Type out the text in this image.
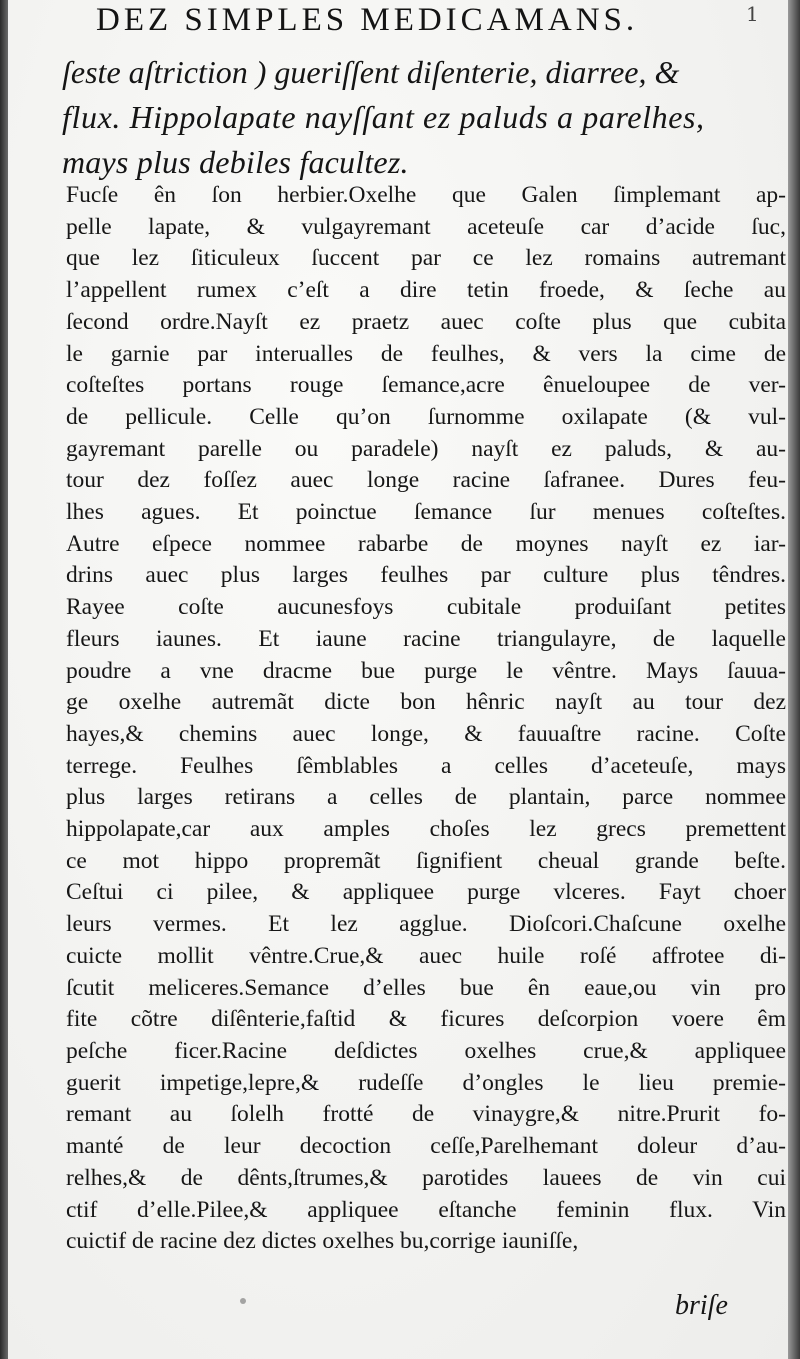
DEZ SIMPLES MEDICAMANS.	1
ſeste aſtriction ) gueriſſent diſenterie, diarree, &
flux. Hippolapate nayſſant ez paluds a parelhes,
mays plus debiles facultez.
Fucſe ên ſon herbier.Oxelhe que Galen ſimplemant ap-
pelle lapate, & vulgayremant aceteuſe car d’acide ſuc,
que lez ſiticuleux ſuccent par ce lez romains autremant
l’appellent rumex c’eſt a dire tetin froede, & ſeche au
ſecond ordre.Nayſt ez praetz auec coſte plus que cubita
le garnie par interualles de feulhes, & vers la cime de
coſteſtes portans rouge ſemance,acre ênueloupee de ver-
de pellicule. Celle qu’on ſurnomme oxilapate (& vul-
gayremant parelle ou paradele) nayſt ez paluds, & au-
tour dez foſſez auec longe racine ſafranee. Dures feu-
lhes agues. Et poinctue ſemance ſur menues coſteſtes.
Autre eſpece nommee rabarbe de moynes nayſt ez iar-
drins auec plus larges feulhes par culture plus têndres.
Rayee coſte aucunesfoys cubitale produiſant petites
fleurs iaunes. Et iaune racine triangulayre, de laquelle
poudre a vne dracme bue purge le vêntre. Mays ſauua-
ge oxelhe autremãt dicte bon hênric nayſt au tour dez
hayes,& chemins auec longe, & fauuaſtre racine. Coſte
terrege. Feulhes ſêmblables a celles d’aceteuſe, mays
plus larges retirans a celles de plantain, parce nommee
hippolapate,car aux amples choſes lez grecs premettent
ce mot hippo propremãt ſignifient cheual grande beſte.
Ceſtui ci pilee, & appliquee purge vlceres. Fayt choer
leurs vermes. Et lez agglue. Dioſcori.Chaſcune oxelhe
cuicte mollit vêntre.Crue,& auec huile roſé affrotee di-
ſcutit meliceres.Semance d’elles bue ên eaue,ou vin pro
fite cõtre diſênterie,faſtid & ficures deſcorpion voere êm
peſche ficer.Racine deſdictes oxelhes crue,& appliquee
guerit impetige,lepre,& rudeſſe d’ongles le lieu premie-
remant au ſolelh frotté de vinaygre,& nitre.Prurit fo-
manté de leur decoction ceſſe,Parelhemant doleur d’au-
relhes,& de dênts,ſtrumes,& parotides lauees de vin cui
ctif d’elle.Pilee,& appliquee eſtanche feminin flux. Vin
cuictif de racine dez dictes oxelhes bu,corrige iauniſſe,
briſe
